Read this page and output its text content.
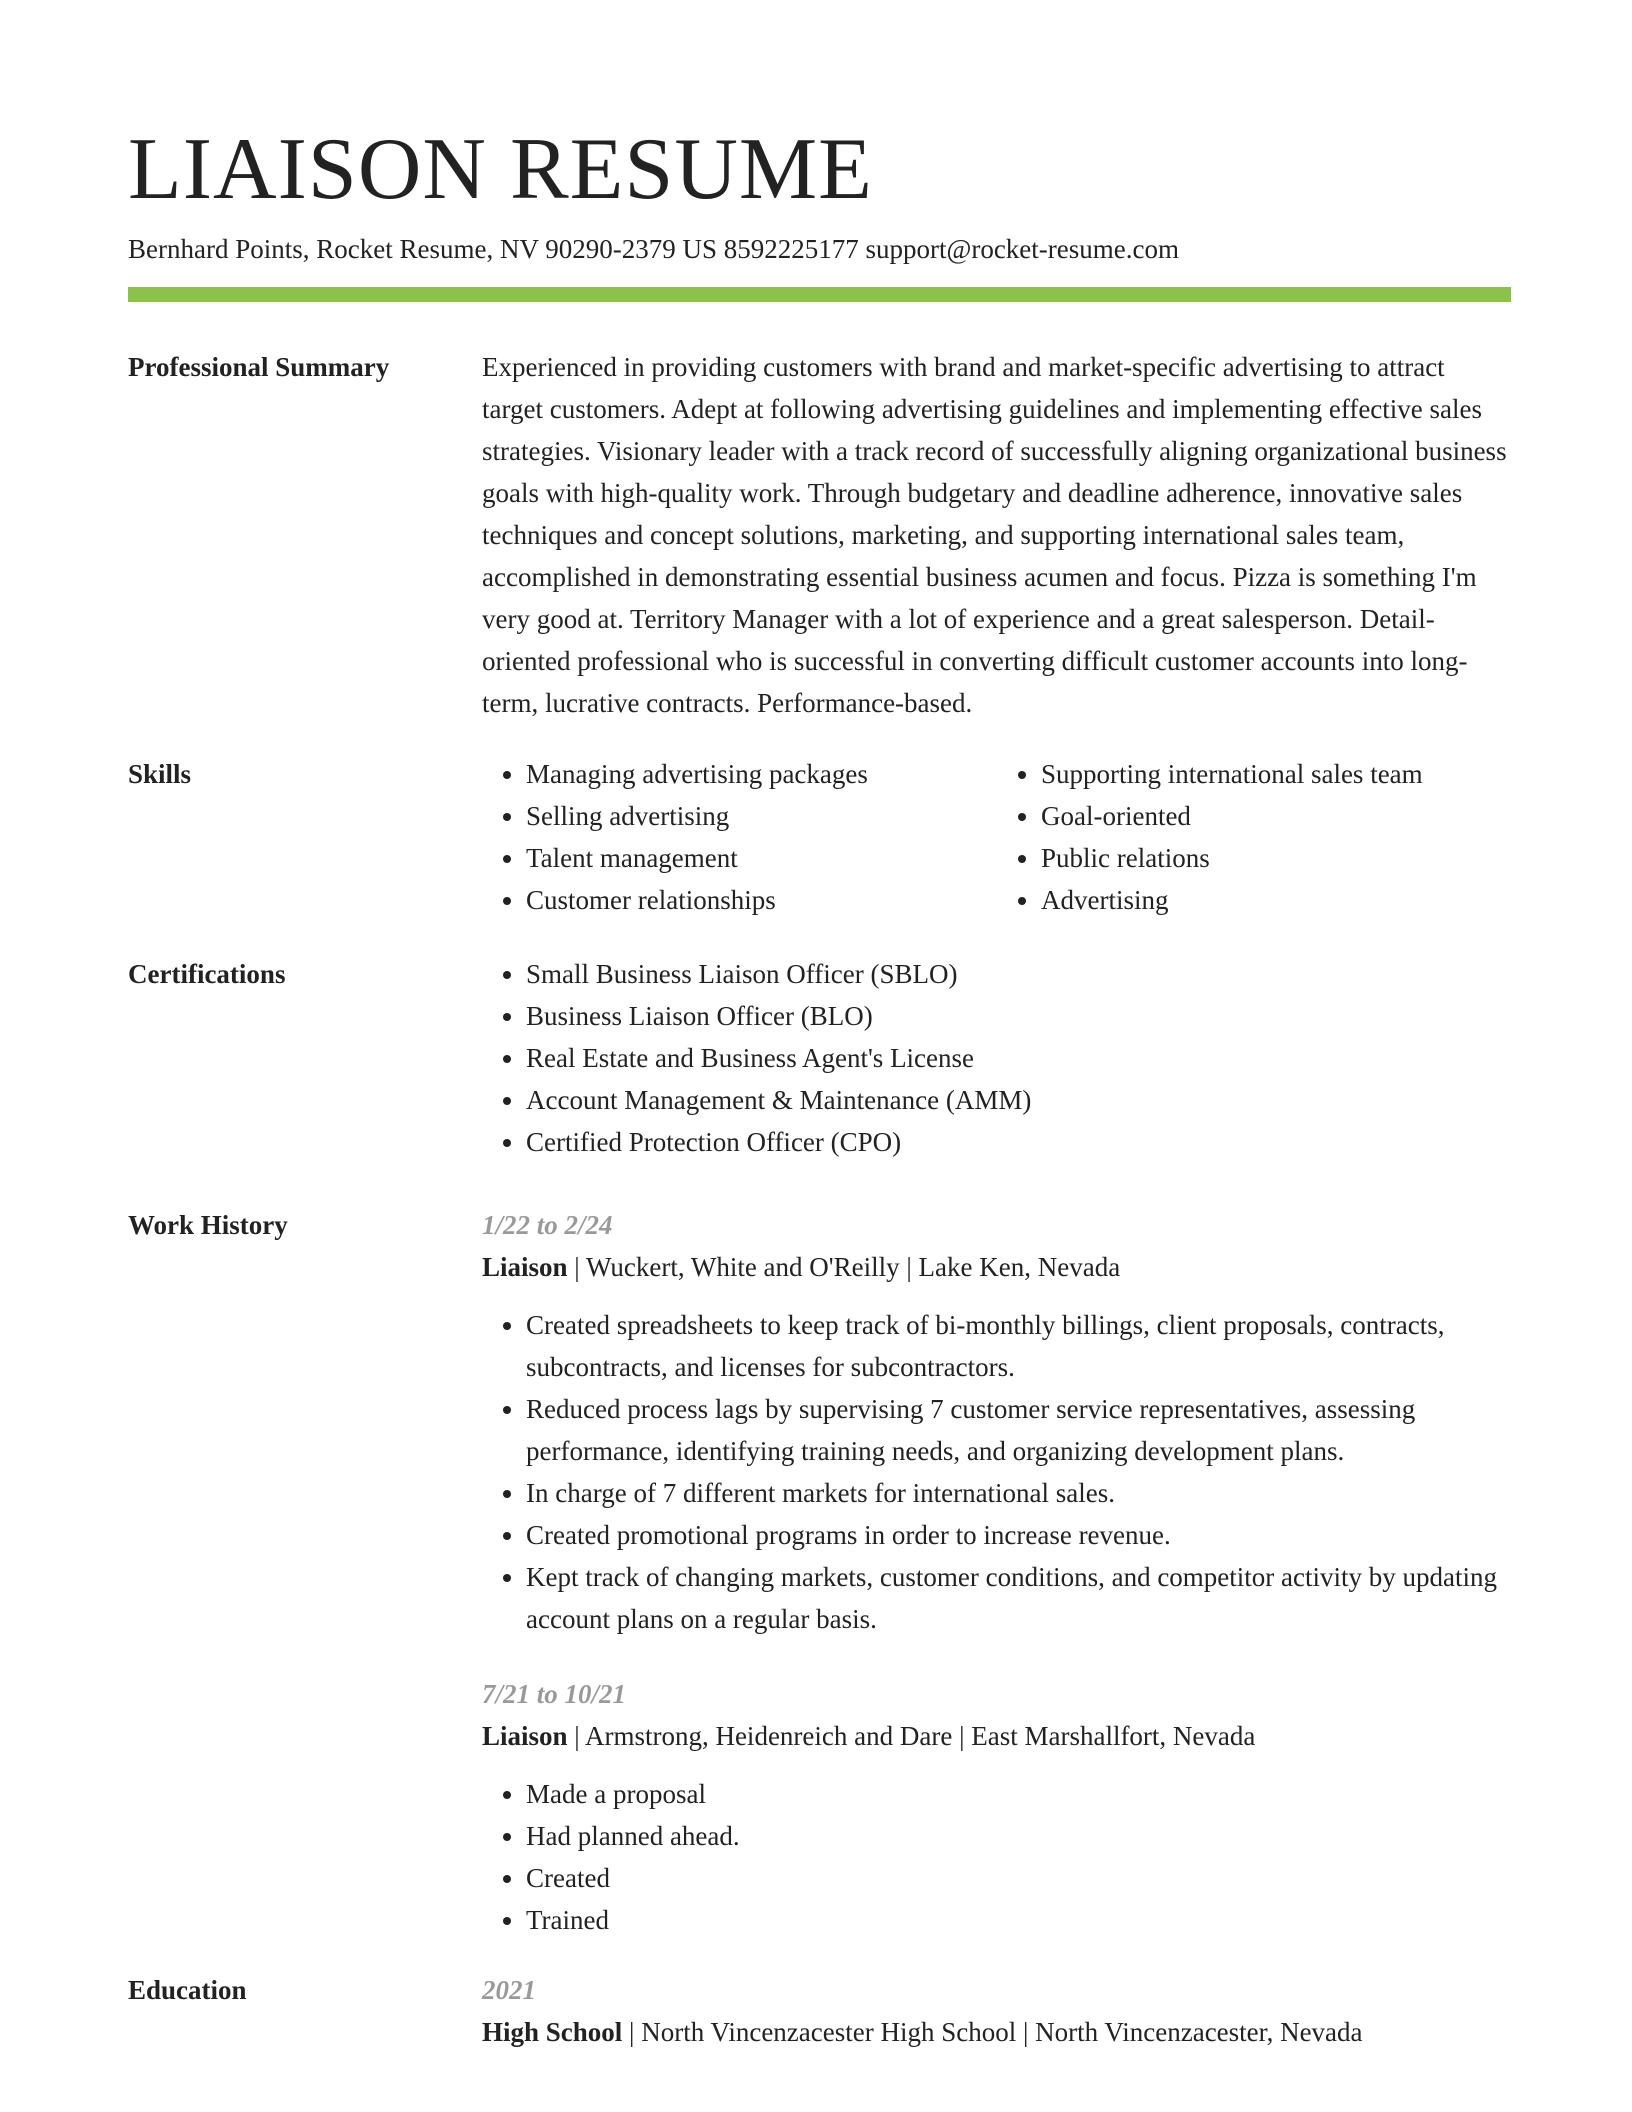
LIAISON RESUME
Bernhard Points, Rocket Resume, NV 90290-2379 US 8592225177 support@rocket-resume.com
Professional Summary	Experienced in providing customers with brand and market-specific advertising to attract target customers. Adept at following advertising guidelines and implementing effective sales strategies. Visionary leader with a track record of successfully aligning organizational business goals with high-quality work. Through budgetary and deadline adherence, innovative sales techniques and concept solutions, marketing, and supporting international sales team, accomplished in demonstrating essential business acumen and focus. Pizza is something I'm very good at. Territory Manager with a lot of experience and a great salesperson. Detail-oriented professional who is successful in converting difficult customer accounts into long-term, lucrative contracts. Performance-based.

Skills	• Managing advertising packages
• Selling advertising
• Talent management
• Customer relationships
• Supporting international sales team
• Goal-oriented
• Public relations
• Advertising
Certifications	• Small Business Liaison Officer (SBLO)
• Business Liaison Officer (BLO)
• Real Estate and Business Agent's License
• Account Management & Maintenance (AMM)
• Certified Protection Officer (CPO)
Work History	1/22 to 2/24
Liaison | Wuckert, White and O'Reilly | Lake Ken, Nevada
• Created spreadsheets to keep track of bi-monthly billings, client proposals, contracts, subcontracts, and licenses for subcontractors.
• Reduced process lags by supervising 7 customer service representatives, assessing performance, identifying training needs, and organizing development plans.
• In charge of 7 different markets for international sales.
• Created promotional programs in order to increase revenue.
• Kept track of changing markets, customer conditions, and competitor activity by updating account plans on a regular basis.
7/21 to 10/21
Liaison | Armstrong, Heidenreich and Dare | East Marshallfort, Nevada
• Made a proposal
• Had planned ahead.
• Created
• Trained
Education	2021
High School | North Vincenzacester High School | North Vincenzacester, Nevada
